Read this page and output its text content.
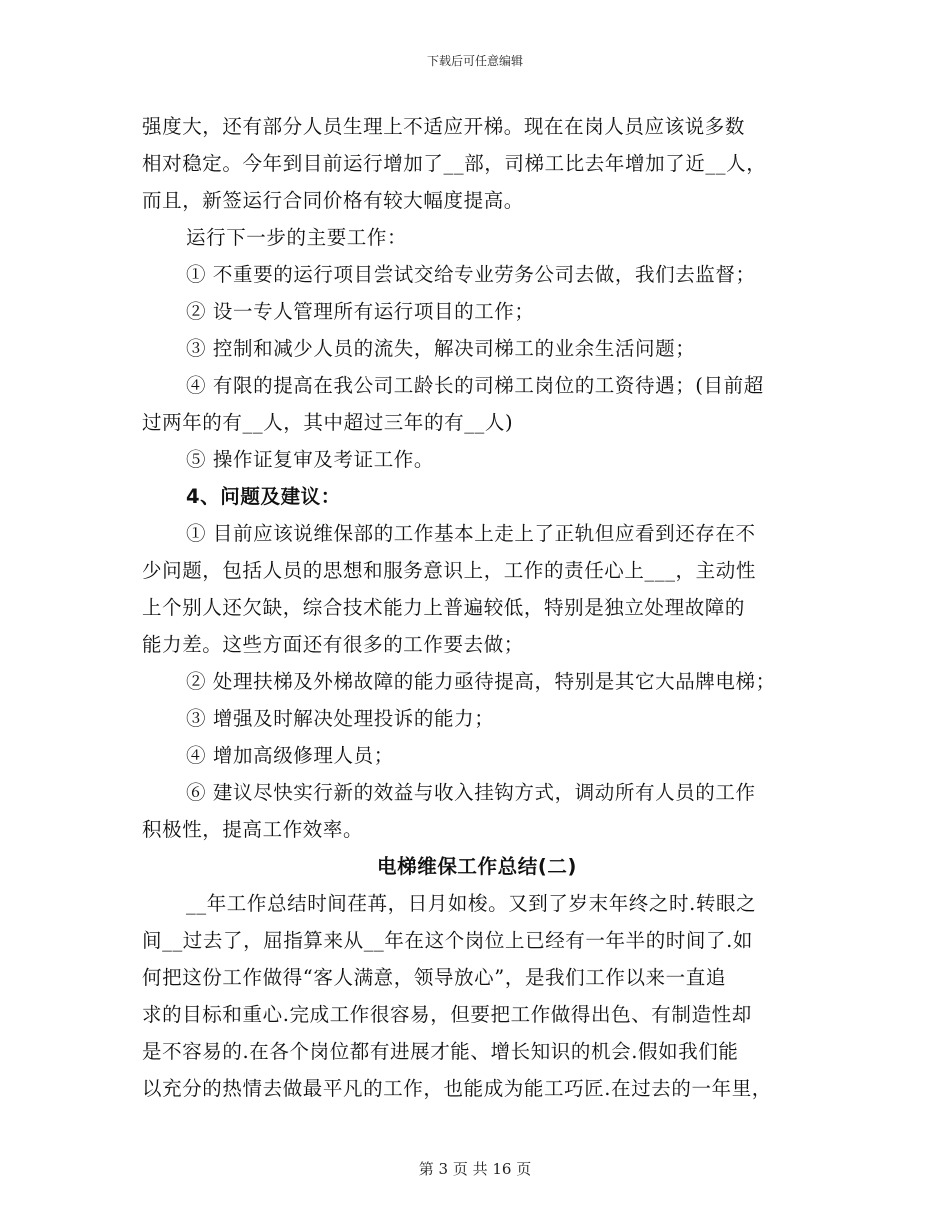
下载后可任意编辑
强度大，还有部分人员生理上不适应开梯。现在在岗人员应该说多数
相对稳定。今年到目前运行增加了__部，司梯工比去年增加了近__人，
而且，新签运行合同价格有较大幅度提高。
运行下一步的主要工作：
① 不重要的运行项目尝试交给专业劳务公司去做，我们去监督；
② 设一专人管理所有运行项目的工作；
③ 控制和减少人员的流失，解决司梯工的业余生活问题；
④ 有限的提高在我公司工龄长的司梯工岗位的工资待遇；(目前超
过两年的有__人，其中超过三年的有__人)
⑤ 操作证复审及考证工作。
4、问题及建议：
① 目前应该说维保部的工作基本上走上了正轨但应看到还存在不
少问题，包括人员的思想和服务意识上，工作的责任心上___，主动性
上个别人还欠缺，综合技术能力上普遍较低，特别是独立处理故障的
能力差。这些方面还有很多的工作要去做；
② 处理扶梯及外梯故障的能力亟待提高，特别是其它大品牌电梯；
③ 增强及时解决处理投诉的能力；
④ 增加高级修理人员；
⑥ 建议尽快实行新的效益与收入挂钩方式，调动所有人员的工作
积极性，提高工作效率。
电梯维保工作总结(二)
__年工作总结时间荏苒，日月如梭。又到了岁末年终之时.转眼之
间__过去了，屈指算来从__年在这个岗位上已经有一年半的时间了.如
何把这份工作做得“客人满意，领导放心”，是我们工作以来一直追
求的目标和重心.完成工作很容易，但要把工作做得出色、有制造性却
是不容易的.在各个岗位都有进展才能、增长知识的机会.假如我们能
以充分的热情去做最平凡的工作，也能成为能工巧匠.在过去的一年里，
第 3 页 共 16 页
